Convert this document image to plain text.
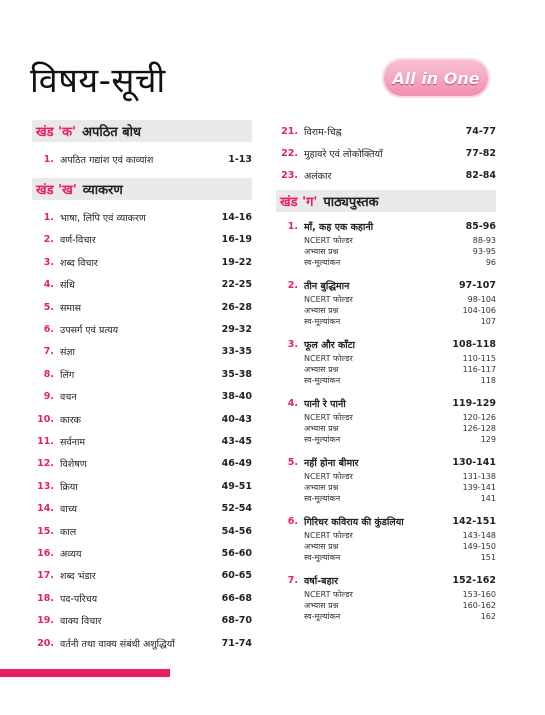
विषय-सूची	All in One
खंड 'क' अपठित बोध
1. अपठित गद्यांश एवं काव्यांश	1-13
खंड 'ख' व्याकरण
1. भाषा, लिपि एवं व्याकरण	14-16
2. वर्ण-विचार	16-19
3. शब्द विचार	19-22
4. संधि	22-25
5. समास	26-28
6. उपसर्ग एवं प्रत्यय	29-32
7. संज्ञा	33-35
8. लिंग	35-38
9. वचन	38-40
10. कारक	40-43
11. सर्वनाम	43-45
12. विशेषण	46-49
13. क्रिया	49-51
14. वाच्य	52-54
15. काल	54-56
16. अव्यय	56-60
17. शब्द भंडार	60-65
18. पद-परिचय	66-68
19. वाक्य विचार	68-70
20. वर्तनी तथा वाक्य संबंधी अशुद्धियाँ	71-74
21. विराम-चिह्न	74-77
22. मुहावरे एवं लोकोक्तियाँ	77-82
23. अलंकार	82-84
खंड 'ग' पाठ्यपुस्तक
1. माँ, कह एक कहानी	85-96
NCERT फोल्डर	88-93
अभ्यास प्रश्न	93-95
स्व-मूल्यांकन	96
2. तीन बुद्धिमान	97-107
NCERT फोल्डर	98-104
अभ्यास प्रश्न	104-106
स्व-मूल्यांकन	107
3. फूल और काँटा	108-118
NCERT फोल्डर	110-115
अभ्यास प्रश्न	116-117
स्व-मूल्यांकन	118
4. पानी रे पानी	119-129
NCERT फोल्डर	120-126
अभ्यास प्रश्न	126-128
स्व-मूल्यांकन	129
5. नहीं होना बीमार	130-141
NCERT फोल्डर	131-138
अभ्यास प्रश्न	139-141
स्व-मूल्यांकन	141
6. गिरिधर कविराय की कुंडलिया	142-151
NCERT फोल्डर	143-148
अभ्यास प्रश्न	149-150
स्व-मूल्यांकन	151
7. वर्षा-बहार	152-162
NCERT फोल्डर	153-160
अभ्यास प्रश्न	160-162
स्व-मूल्यांकन	162
